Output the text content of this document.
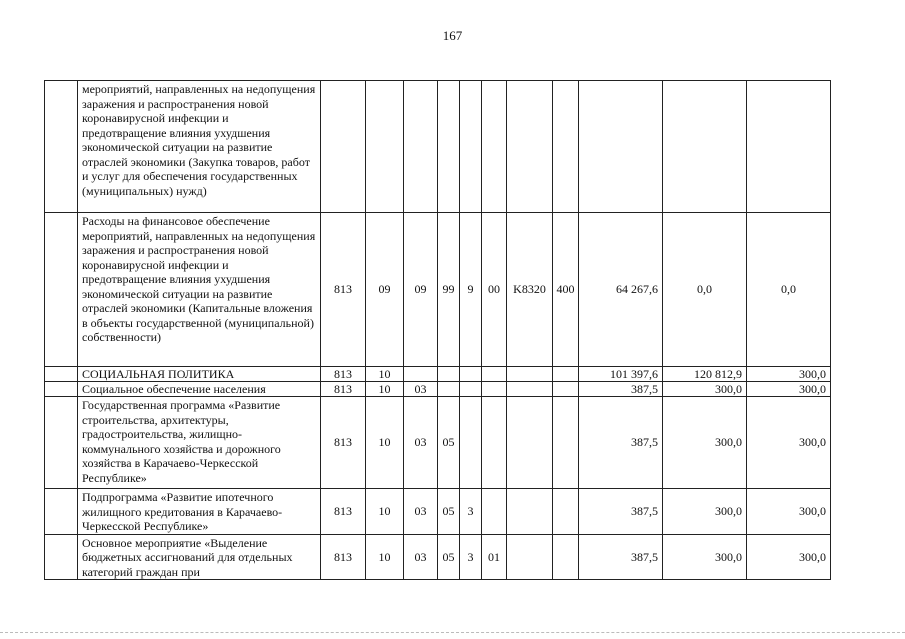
167
	мероприятий, направленных на недопущения заражения и распространения новой коронавирусной инфекции и предотвращение влияния ухудшения экономической ситуации на развитие отраслей экономики (Закупка товаров, работ и услуг для обеспечения государственных (муниципальных) нужд)											
	Расходы на финансовое обеспечение мероприятий, направленных на недопущения заражения и распространения новой коронавирусной инфекции и предотвращение влияния ухудшения экономической ситуации на развитие отраслей экономики (Капитальные вложения в объекты государственной (муниципальной) собственности)	813	09	09	99	9	00	K8320	400	64 267,6	0,0	0,0
	СОЦИАЛЬНАЯ ПОЛИТИКА	813	10							101 397,6	120 812,9	300,0
	Социальное обеспечение населения	813	10	03						387,5	300,0	300,0
	Государственная программа «Развитие строительства, архитектуры, градостроительства, жилищно-коммунального хозяйства и дорожного хозяйства в Карачаево-Черкесской Республике»	813	10	03	05					387,5	300,0	300,0
	Подпрограмма «Развитие ипотечного жилищного кредитования в Карачаево-Черкесской Республике»	813	10	03	05	3				387,5	300,0	300,0
	Основное мероприятие «Выделение бюджетных ассигнований для отдельных категорий граждан при	813	10	03	05	3	01			387,5	300,0	300,0
